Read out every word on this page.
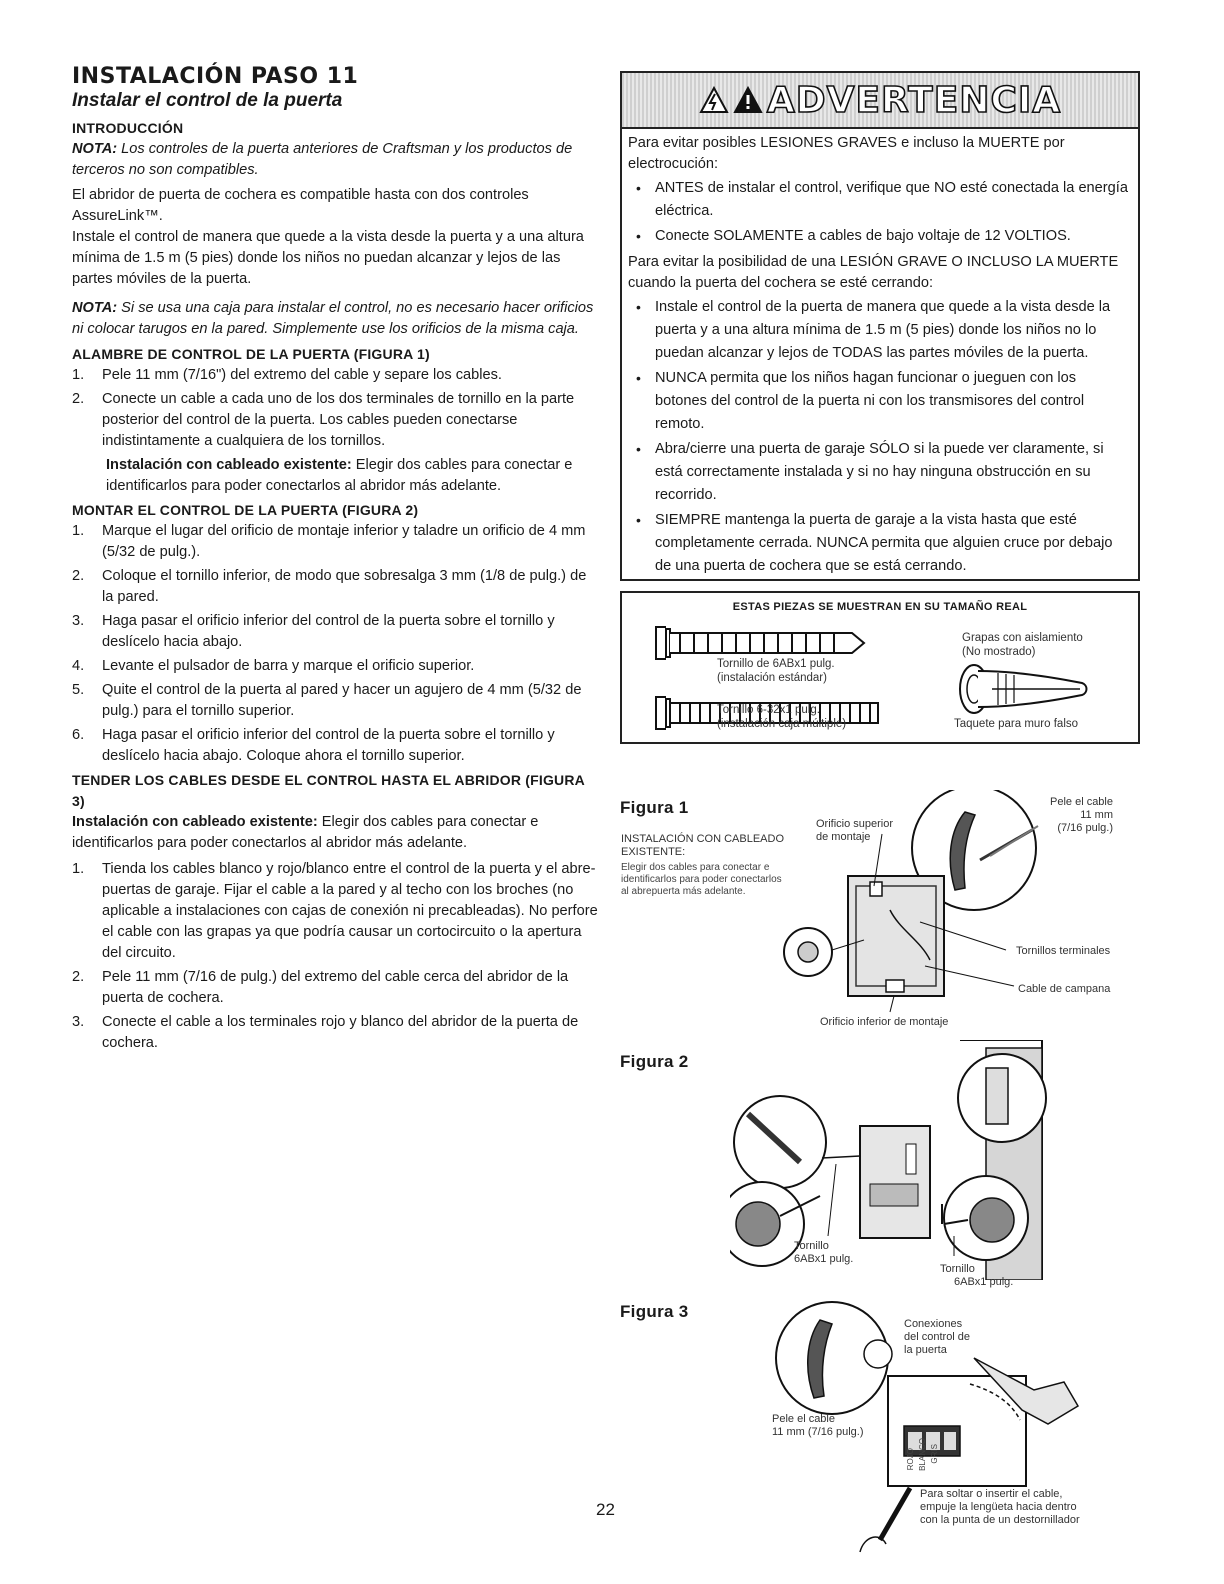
INSTALACIÓN PASO 11
Instalar el control de la puerta
INTRODUCCIÓN

NOTA: Los controles de la puerta anteriores de Craftsman y los productos de terceros no son compatibles.

El abridor de puerta de cochera es compatible hasta con dos controles AssureLink™.

Instale el control de manera que quede a la vista desde la puerta y a una altura mínima de 1.5 m (5 pies) donde los niños no puedan alcanzar y lejos de las partes móviles de la puerta.

NOTA: Si se usa una caja para instalar el control, no es necesario hacer orificios ni colocar tarugos en la pared. Simplemente use los orificios de la misma caja.

ALAMBRE DE CONTROL DE LA PUERTA (FIGURA 1)
1. Pele 11 mm (7/16") del extremo del cable y separe los cables.
2. Conecte un cable a cada uno de los dos terminales de tornillo en la parte posterior del control de la puerta. Los cables pueden conectarse indistintamente a cualquiera de los tornillos.
Instalación con cableado existente: Elegir dos cables para conectar e identificarlos para poder conectarlos al abridor más adelante.
MONTAR EL CONTROL DE LA PUERTA (FIGURA 2)
1. Marque el lugar del orificio de montaje inferior y taladre un orificio de 4 mm (5/32 de pulg.).
2. Coloque el tornillo inferior, de modo que sobresalga 3 mm (1/8 de pulg.) de la pared.
3. Haga pasar el orificio inferior del control de la puerta sobre el tornillo y deslícelo hacia abajo.
4. Levante el pulsador de barra y marque el orificio superior.
5. Quite el control de la puerta al pared y hacer un agujero de 4 mm (5/32 de pulg.) para el tornillo superior.
6. Haga pasar el orificio inferior del control de la puerta sobre el tornillo y deslícelo hacia abajo. Coloque ahora el tornillo superior.
TENDER LOS CABLES DESDE EL CONTROL HASTA EL ABRIDOR (FIGURA 3)
Instalación con cableado existente: Elegir dos cables para conectar e identificarlos para poder conectarlos al abridor más adelante.
1. Tienda los cables blanco y rojo/blanco entre el control de la puerta y el abre-puertas de garaje. Fijar el cable a la pared y al techo con los broches (no aplicable a instalaciones con cajas de conexión ni precableadas). No perfore el cable con las grapas ya que podría causar un cortocircuito o la apertura del circuito.
2. Pele 11 mm (7/16 de pulg.) del extremo del cable cerca del abridor de la puerta de cochera.
3. Conecte el cable a los terminales rojo y blanco del abridor de la puerta de cochera.
ADVERTENCIA

Para evitar posibles LESIONES GRAVES e incluso la MUERTE por electrocución:

• ANTES de instalar el control, verifique que NO esté conectada la energía eléctrica.
• Conecte SOLAMENTE a cables de bajo voltaje de 12 VOLTIOS.

Para evitar la posibilidad de una LESIÓN GRAVE O INCLUSO LA MUERTE cuando la puerta del cochera se esté cerrando:

• Instale el control de la puerta de manera que quede a la vista desde la puerta y a una altura mínima de 1.5 m (5 pies) donde los niños no lo puedan alcanzar y lejos de TODAS las partes móviles de la puerta.
• NUNCA permita que los niños hagan funcionar o jueguen con los botones del control de la puerta ni con los transmisores del control remoto.
• Abra/cierre una puerta de garaje SÓLO si la puede ver claramente, si está correctamente instalada y si no hay ninguna obstrucción en su recorrido.
• SIEMPRE mantenga la puerta de garaje a la vista hasta que esté completamente cerrada. NUNCA permita que alguien cruce por debajo de una puerta de cochera que se está cerrando.
ESTAS PIEZAS SE MUESTRAN EN SU TAMAÑO REAL
Tornillo de 6ABx1 pulg.
(instalación estándar)
Tornillo 6-32x1 pulg.
(instalación caja múltiple)
Grapas con aislamiento
(No mostrado)
Taquete para muro falso
Figura 1
INSTALACIÓN CON CABLEADO
EXISTENTE:
Elegir dos cables para conectar e
identificarlos para poder conectarlos
al abrepuerta más adelante.
Orificio superior
de montaje
Pele el cable
11 mm
(7/16 pulg.)
Tornillos terminales
Cable de campana
Orificio inferior de montaje
Figura 2
Tornillo
6ABx1 pulg.
Tornillo
6ABx1 pulg.
Figura 3
Conexiones
del control de
la puerta
Pele el cable
11 mm (7/16 pulg.)
ROJO BLANCO GRIS
Para soltar o insertir el cable,
empuje la lengüeta hacia dentro
con la punta de un destornillador
22
